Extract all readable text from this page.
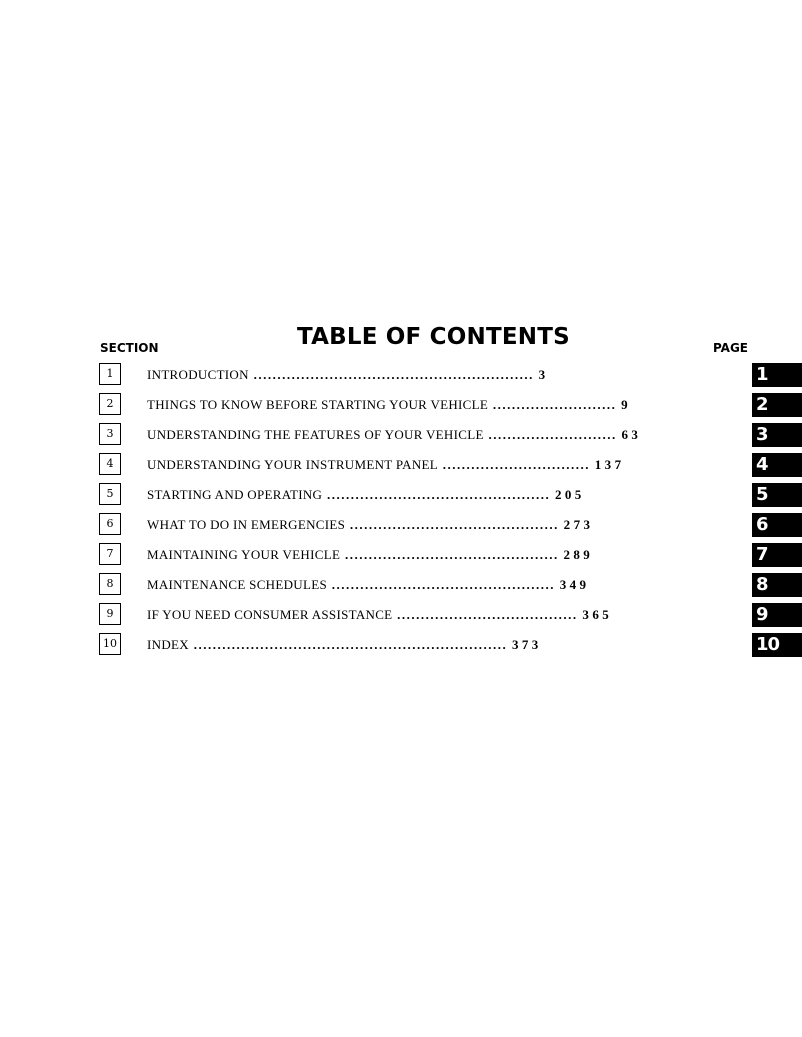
SECTION	TABLE OF CONTENTS	PAGE
1	INTRODUCTION ........................................................... 3	1
2	THINGS TO KNOW BEFORE STARTING YOUR VEHICLE .......................... 9	2
3	UNDERSTANDING THE FEATURES OF YOUR VEHICLE ........................... 63	3
4	UNDERSTANDING YOUR INSTRUMENT PANEL ............................... 137	4
5	STARTING AND OPERATING ............................................... 205	5
6	WHAT TO DO IN EMERGENCIES ............................................ 273	6
7	MAINTAINING YOUR VEHICLE ............................................. 289	7
8	MAINTENANCE SCHEDULES ............................................... 349	8
9	IF YOU NEED CONSUMER ASSISTANCE ...................................... 365	9
10	INDEX .................................................................. 373	10
